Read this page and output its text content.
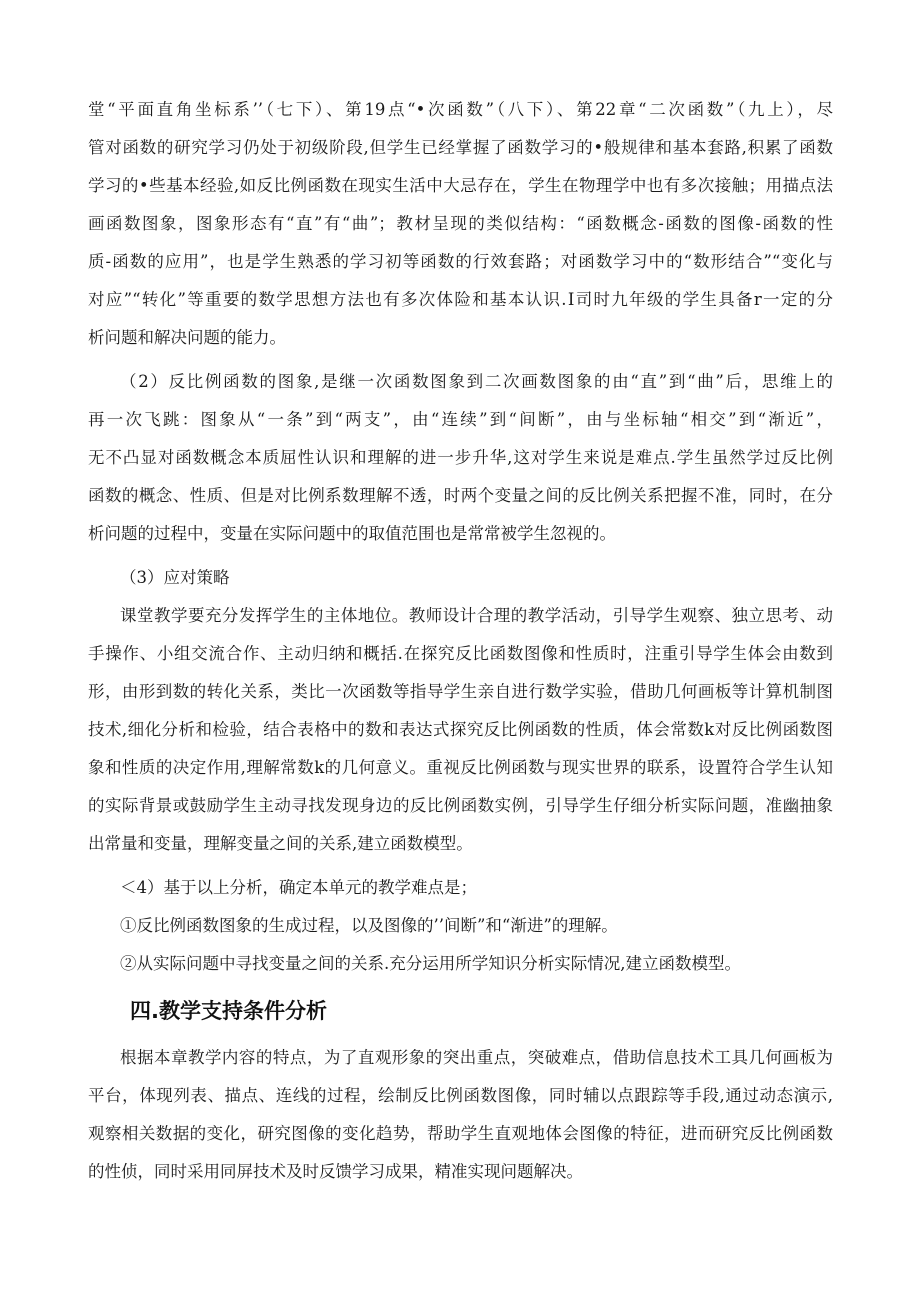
堂“平面直角坐标系’’（七下）、第19点“•次函数”（八下）、第22章“二次函数”（九上），尽
管对函数的研究学习仍处于初级阶段,但学生已经掌握了函数学习的•般规律和基本套路,积累了函数
学习的•些基本经验,如反比例函数在现实生活中大忌存在，学生在物理学中也有多次接触；用描点法
画函数图象，图象形态有“直”有“曲”；教材呈现的类似结构：“函数概念-函数的图像-函数的性
质-函数的应用”，也是学生熟悉的学习初等函数的行效套路；对函数学习中的“数形结合”“变化与
对应”“转化”等重要的数学思想方法也有多次体险和基本认识.Ⅰ司时九年级的学生具备r一定的分
析问题和解决问题的能力。
（2）反比例函数的图象,是继一次函数图象到二次画数图象的由“直”到“曲”后，思维上的
再一次飞跳：图象从“一条”到“两支”，由“连续”到“间断”，由与坐标轴“相交”到“渐近”，
无不凸显对函数概念本质屈性认识和理解的进一步升华,这对学生来说是难点.学生虽然学过反比例
函数的概念、性质、但是对比例系数理解不透，时两个变量之间的反比例关系把握不准，同时，在分
析问题的过程中，变量在实际问题中的取值范围也是常常被学生忽视的。
（3）应对策略
课堂教学要充分发挥学生的主体地位。教师设计合理的教学活动，引导学生观察、独立思考、动
手操作、小组交流合作、主动归纳和概括.在探究反比函数图像和性质时，注重引导学生体会由数到
形，由形到数的转化关系，类比一次函数等指导学生亲自进行数学实验，借助几何画板等计算机制图
技术,细化分析和检验，结合表格中的数和表达式探究反比例函数的性质，体会常数k对反比例函数图
象和性质的决定作用,理解常数k的几何意义。重视反比例函数与现实世界的联系，设置符合学生认知
的实际背景或鼓励学生主动寻找发现身边的反比例函数实例，引导学生仔细分析实际问题，准幽抽象
出常量和变量，理解变量之间的关系,建立函数模型。
＜4）基于以上分析，确定本单元的教学难点是；
①反比例函数图象的生成过程，以及图像的’’间断”和“渐进”的理解。
②从实际问题中寻找变量之间的关系.充分运用所学知识分析实际情况,建立函数模型。
四.教学支持条件分析
根据本章教学内容的特点，为了直观形象的突出重点，突破难点，借助信息技术工具几何画板为
平台，体现列表、描点、连线的过程，绘制反比例函数图像，同时辅以点跟踪等手段,通过动态演示,
观察相关数据的变化，研究图像的变化趋势，帮助学生直观地体会图像的特征，进而研究反比例函数
的性侦，同时采用同屏技术及时反馈学习成果，精准实现问题解决。
